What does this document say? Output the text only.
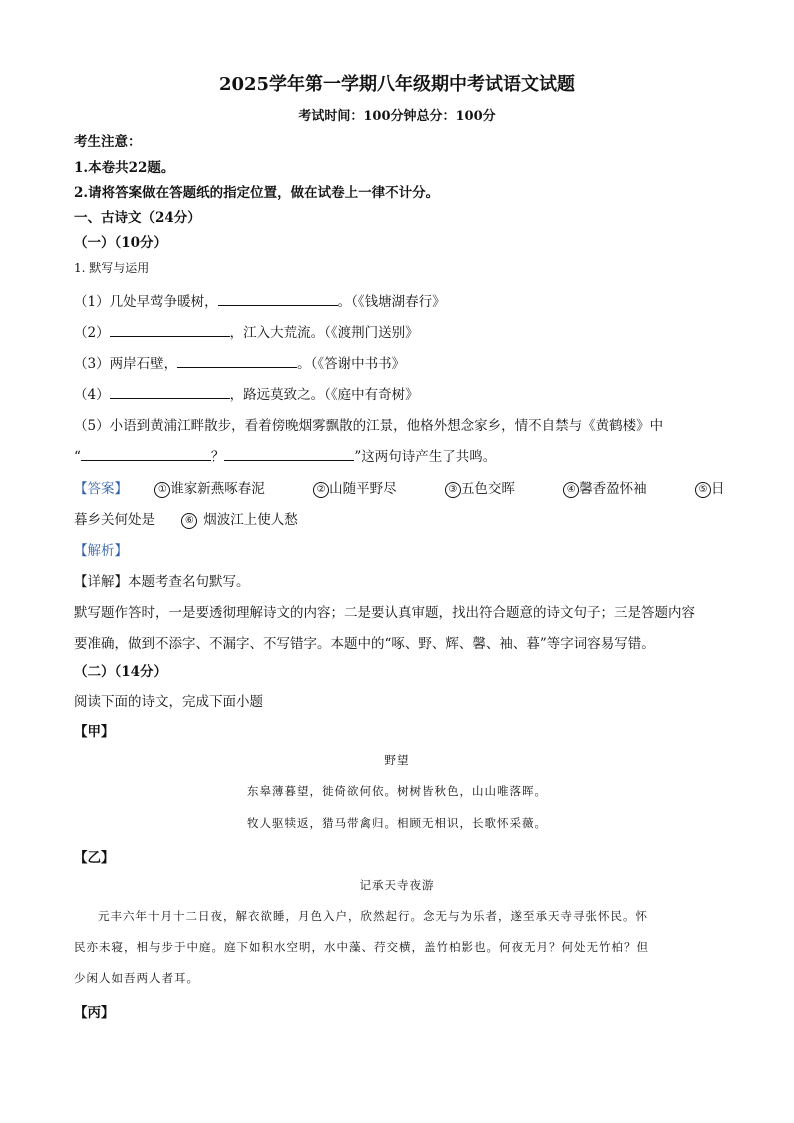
2025学年第一学期八年级期中考试语文试题
考试时间：100分钟总分：100分
考生注意：
1.本卷共22题。
2.请将答案做在答题纸的指定位置，做在试卷上一律不计分。
一、古诗文（24分）
（一）（10分）
1. 默写与运用
（1）几处早莺争暖树，	。（《钱塘湖春行》
（2）	，江入大荒流。（《渡荆门送别》
（3）两岸石壁，	。（《答谢中书书》
（4）	，路远莫致之。（《庭中有奇树》
（5）小语到黄浦江畔散步，看着傍晚烟雾飘散的江景，他格外想念家乡，情不自禁与《黄鹤楼》中
“	？	”这两句诗产生了共鸣。
【答案】	① 谁家新燕啄春泥	② 山随平野尽	③ 五色交晖	④ 馨香盈怀袖	⑤ 日
暮乡关何处是	⑥ 烟波江上使人愁
【解析】
【详解】本题考查名句默写。
默写题作答时，一是要透彻理解诗文的内容；二是要认真审题，找出符合题意的诗文句子；三是答题内容
要准确，做到不添字、不漏字、不写错字。本题中的“啄、野、辉、馨、袖、暮”等字词容易写错。
（二）（14分）
阅读下面的诗文，完成下面小题
【甲】
野望
东皋薄暮望，徙倚欲何依。树树皆秋色，山山唯落晖。
牧人驱犊返，猎马带禽归。相顾无相识，长歌怀采薇。
【乙】
记承天寺夜游
元丰六年十月十二日夜，解衣欲睡，月色入户，欣然起行。念无与为乐者，遂至承天寺寻张怀民。怀
民亦未寝，相与步于中庭。庭下如积水空明，水中藻、荇交横，盖竹柏影也。何夜无月？何处无竹柏？但
少闲人如吾两人者耳。
【丙】
